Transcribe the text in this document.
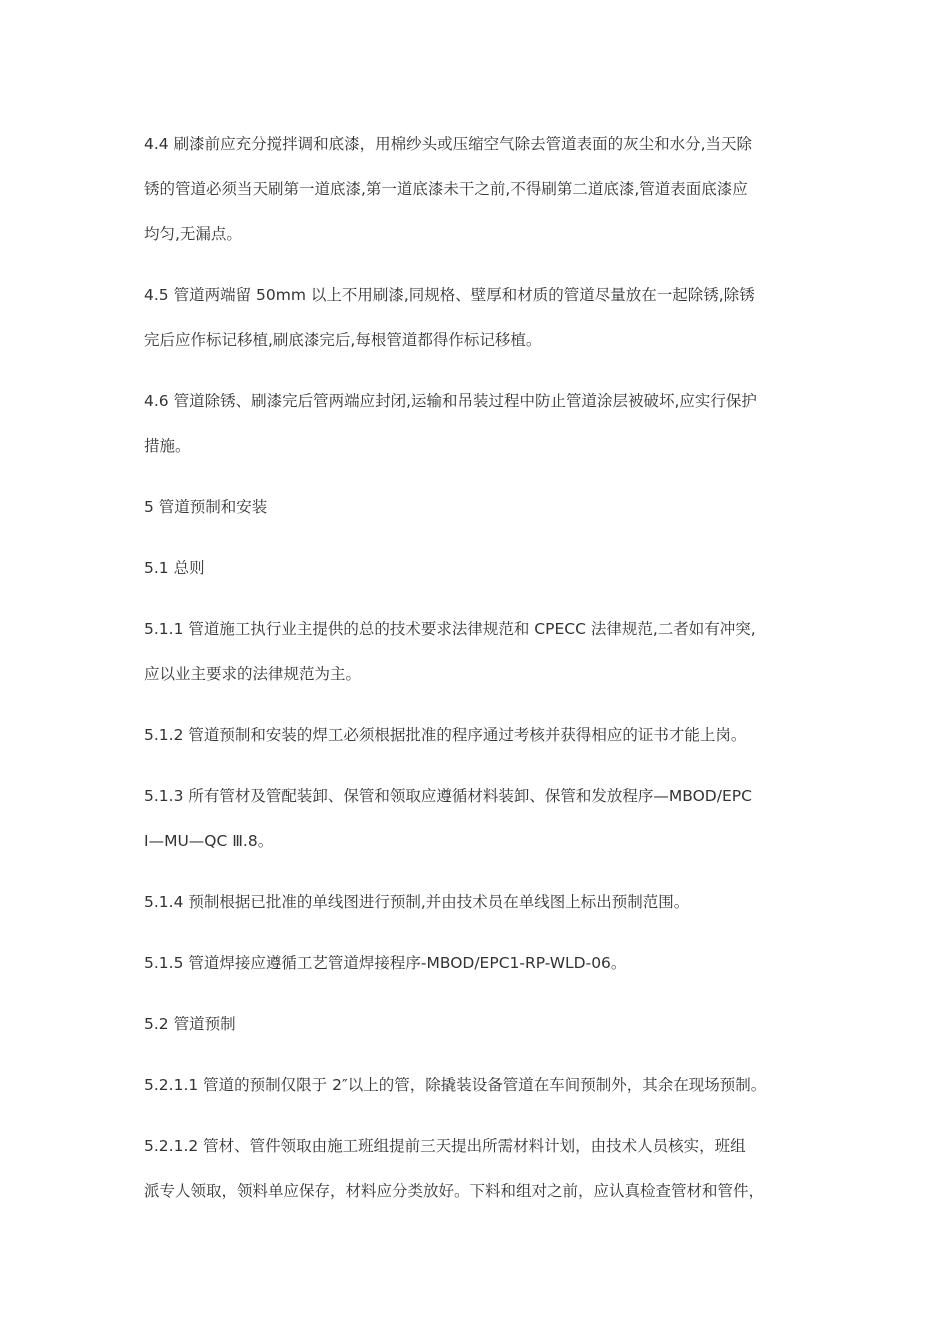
4.4 刷漆前应充分搅拌调和底漆，用棉纱头或压缩空气除去管道表面的灰尘和水分,当天除
锈的管道必须当天刷第一道底漆,第一道底漆未干之前,不得刷第二道底漆,管道表面底漆应
均匀,无漏点。

4.5 管道两端留 50mm 以上不用刷漆,同规格、壁厚和材质的管道尽量放在一起除锈,除锈
完后应作标记移植,刷底漆完后,每根管道都得作标记移植。

4.6 管道除锈、刷漆完后管两端应封闭,运输和吊装过程中防止管道涂层被破坏,应实行保护
措施。

5 管道预制和安装

5.1 总则

5.1.1 管道施工执行业主提供的总的技术要求法律规范和 CPECC 法律规范,二者如有冲突,
应以业主要求的法律规范为主。

5.1.2 管道预制和安装的焊工必须根据批准的程序通过考核并获得相应的证书才能上岗。

5.1.3 所有管材及管配装卸、保管和领取应遵循材料装卸、保管和发放程序—MBOD/EPC
Ⅰ—MU—QC Ⅲ.8。

5.1.4 预制根据已批准的单线图进行预制,并由技术员在单线图上标出预制范围。

5.1.5 管道焊接应遵循工艺管道焊接程序-MBOD/EPC1-RP-WLD-06。

5.2 管道预制

5.2.1.1 管道的预制仅限于 2″以上的管，除撬装设备管道在车间预制外，其余在现场预制。

5.2.1.2 管材、管件领取由施工班组提前三天提出所需材料计划，由技术人员核实，班组
派专人领取，领料单应保存，材料应分类放好。下料和组对之前，应认真检查管材和管件，
